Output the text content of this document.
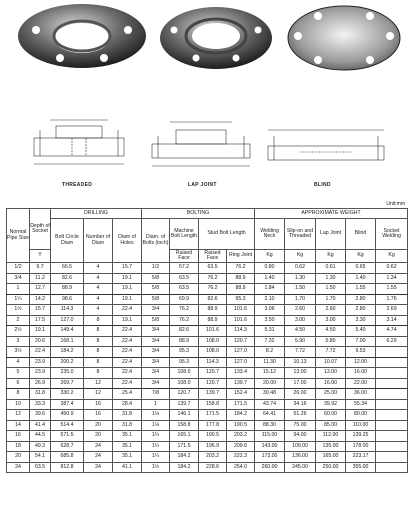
THREADED	LAP JOINT	BLIND
Unit:mm
Normal Pipe Size	Depth of Socket	DRILLING			BOLTING				APPROXIMATE WEIGHT				
		Bolt Circle Diam	Number of Diam	Diam of Holes	Diam. of Bolts (inch)	Machine Bolt Length	Stud Bolt Length		Welding Neck	Slip-on and Threaded	Lap Joint	Blind	Socket Welding
	Y					Raised Face	Raised Face	Ring Joint	Kg	Kg	Kg	Kg	Kg
1/2	9.7	66.5	4	15.7	1/2	57.2	63.5	76.2	0.80	0.62	0.61	0.65	0.62
3/4	11.2	82.6	4	19.1	5/8	63.5	76.2	88.9	1.40	1.30	1.30	1.40	1.34
1	12.7	88.9	4	19.1	5/8	63.5	76.2	88.9	1.84	1.50	1.50	1.55	1.55
1¼	14.2	98.6	4	19.1	5/8	69.9	82.6	95.3	2.10	1.70	1.70	2.80	1.76
1½	15.7	114.3	4	22.4	3/4	76.2	88.9	101.6	3.06	2.60	2.60	2.80	2.69
2	17.5	127.0	8	19.1	5/8	76.2	88.9	101.6	3.50	3.00	3.00	3.30	3.14
2½	19.1	149.4	8	22.4	3/4	82.6	101.6	114.3	5.31	4.50	4.50	5.40	4.74
3	20.6	168.1	8	22.4	3/4	88.9	108.0	120.7	7.32	5.90	5.80	7.00	6.29
3½	22.4	184.2	8	22.4	3/4	95.3	108.0	127.0	8.2	7.72	7.72	9.53	
4	23.9	200.2	8	22.4	3/4	95.3	114.3	127.0	11.30	10.13	10.07	12.00	
5	23.9	235.0	8	22.4	3/4	108.0	120.7	133.4	15.12	13.00	13.00	16.00	
6	26.9	269.7	12	22.4	3/4	108.0	120.7	139.7	20.00	17.00	16.00	22.00	
8	31.8	330.2	12	25.4	7/8	120.7	139.7	152.4	30.48	26.00	25.00	36.00	
10	33.3	387.4	16	28.4	1	139.7	158.8	171.5	43.74	34.16	39.92	55.34	
12	39.6	450.9	16	31.8	1⅛	146.1	171.5	184.2	64.41	51.26	60.00	80.00	
14	41.4	514.4	20	31.8	1⅛	158.8	177.8	190.5	88.30	75.00	85.00	110.00	
16	44.5	571.5	20	35.1	1¼	165.1	190.5	203.2	115.00	94.00	112.00	139.25	
18	49.3	628.7	24	35.1	1¼	171.5	196.9	209.6	143.00	109.00	135.00	178.00	
20	54.1	685.8	24	35.1	1¼	184.2	203.2	222.3	173.00	136.00	165.00	223.17	
24	63.5	812.8	24	41.1	1½	184.2	228.6	254.0	260.00	245.00	250.00	355.00	
